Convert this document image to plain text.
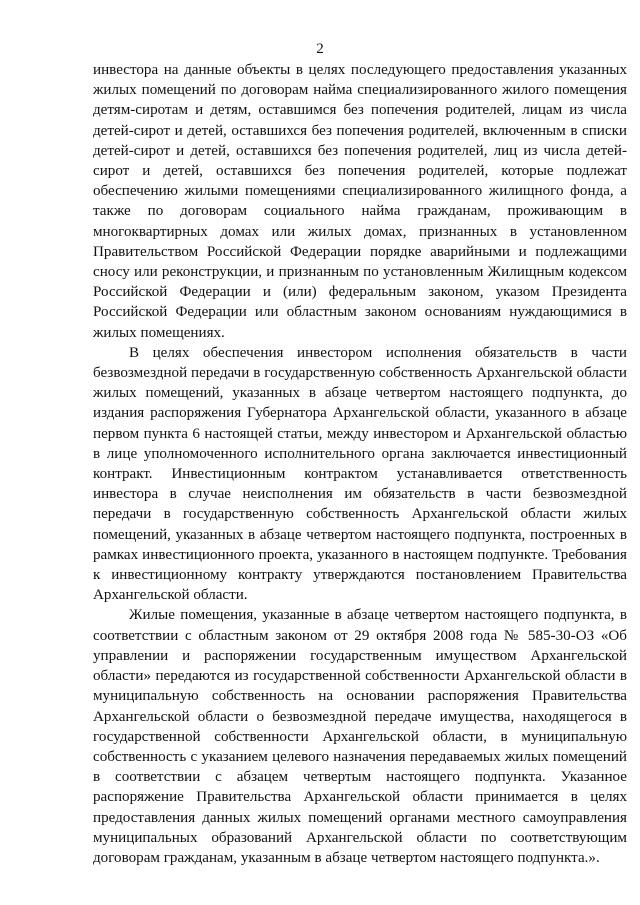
2

инвестора на данные объекты в целях последующего предоставления указанных жилых помещений по договорам найма специализированного жилого помещения детям-сиротам и детям, оставшимся без попечения родителей, лицам из числа детей-сирот и детей, оставшихся без попечения родителей, включенным в списки детей-сирот и детей, оставшихся без попечения родителей, лиц из числа детей-сирот и детей, оставшихся без попечения родителей, которые подлежат обеспечению жилыми помещениями специализированного жилищного фонда, а также по договорам социального найма гражданам, проживающим в многоквартирных домах или жилых домах, признанных в установленном Правительством Российской Федерации порядке аварийными и подлежащими сносу или реконструкции, и признанным по установленным Жилищным кодексом Российской Федерации и (или) федеральным законом, указом Президента Российской Федерации или областным законом основаниям нуждающимися в жилых помещениях.

В целях обеспечения инвестором исполнения обязательств в части безвозмездной передачи в государственную собственность Архангельской области жилых помещений, указанных в абзаце четвертом настоящего подпункта, до издания распоряжения Губернатора Архангельской области, указанного в абзаце первом пункта 6 настоящей статьи, между инвестором и Архангельской областью в лице уполномоченного исполнительного органа заключается инвестиционный контракт. Инвестиционным контрактом устанавливается ответственность инвестора в случае неисполнения им обязательств в части безвозмездной передачи в государственную собственность Архангельской области жилых помещений, указанных в абзаце четвертом настоящего подпункта, построенных в рамках инвестиционного проекта, указанного в настоящем подпункте. Требования к инвестиционному контракту утверждаются постановлением Правительства Архангельской области.

Жилые помещения, указанные в абзаце четвертом настоящего подпункта, в соответствии с областным законом от 29 октября 2008 года № 585-30-ОЗ «Об управлении и распоряжении государственным имуществом Архангельской области» передаются из государственной собственности Архангельской области в муниципальную собственность на основании распоряжения Правительства Архангельской области о безвозмездной передаче имущества, находящегося в государственной собственности Архангельской области, в муниципальную собственность с указанием целевого назначения передаваемых жилых помещений в соответствии с абзацем четвертым настоящего подпункта. Указанное распоряжение Правительства Архангельской области принимается в целях предоставления данных жилых помещений органами местного самоуправления муниципальных образований Архангельской области по соответствующим договорам гражданам, указанным в абзаце четвертом настоящего подпункта.».
